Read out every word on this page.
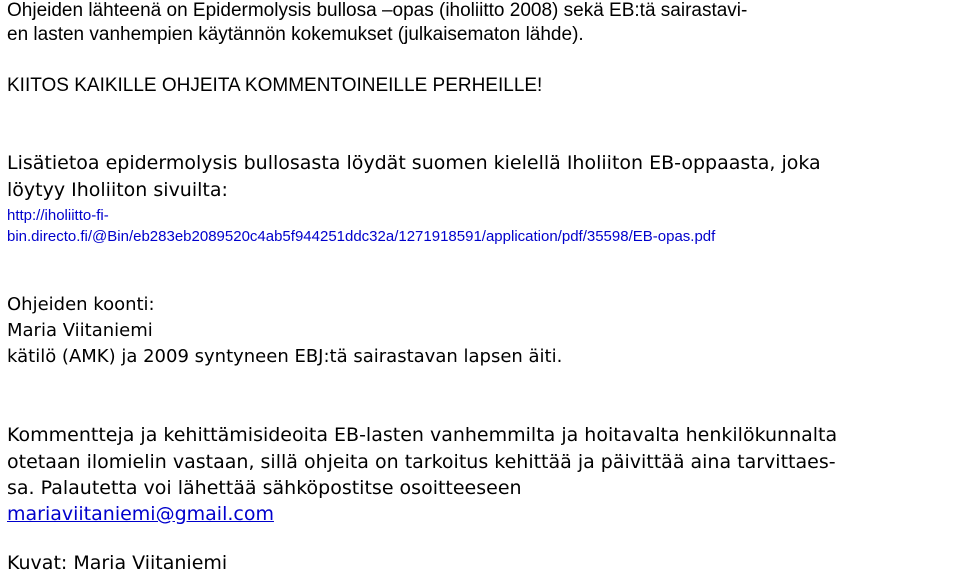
Ohjeiden lähteenä on Epidermolysis bullosa –opas (iholiitto 2008) sekä EB:tä sairastavi-
en lasten vanhempien käytännön kokemukset (julkaisematon lähde).
KIITOS KAIKILLE OHJEITA KOMMENTOINEILLE PERHEILLE!
Lisätietoa epidermolysis bullosasta löydät suomen kielellä Iholiiton EB-oppaasta, joka
löytyy Iholiiton sivuilta:
http://iholiitto-fi-
bin.directo.fi/@Bin/eb283eb2089520c4ab5f944251ddc32a/1271918591/application/pdf/35598/EB-opas.pdf
Ohjeiden koonti:
Maria Viitaniemi
kätilö (AMK) ja 2009 syntyneen EBJ:tä sairastavan lapsen äiti.
Kommentteja ja kehittämisideoita EB-lasten vanhemmilta ja hoitavalta henkilökunnalta
otetaan ilomielin vastaan, sillä ohjeita on tarkoitus kehittää ja päivittää aina tarvittaes-
sa. Palautetta voi lähettää sähköpostitse osoitteeseen
mariaviitaniemi@gmail.com
Kuvat: Maria Viitaniemi
